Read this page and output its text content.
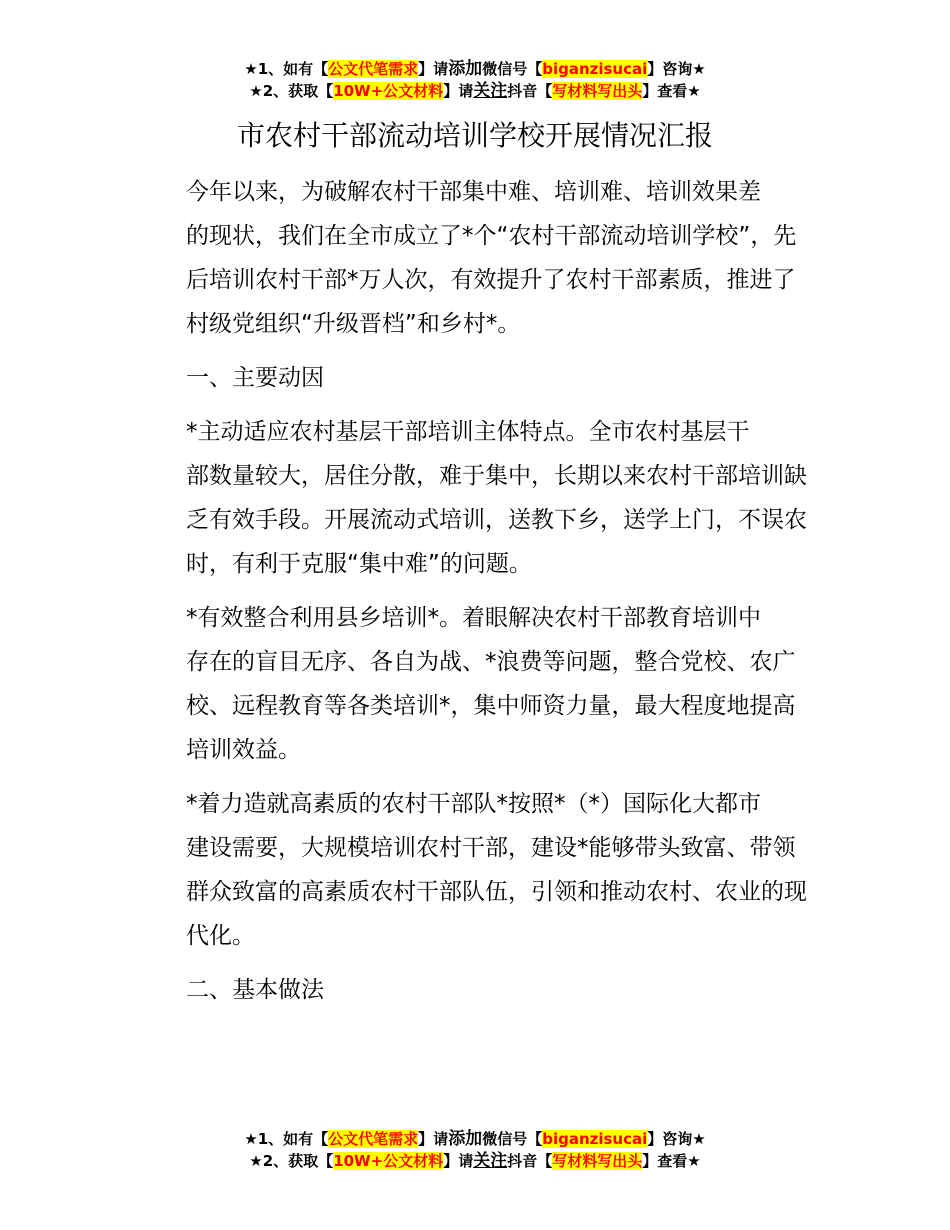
★1、如有【公文代笔需求】请添加微信号【biganzisucai】咨询★
★2、获取【10W+公文材料】请关注抖音【写材料写出头】查看★
市农村干部流动培训学校开展情况汇报

今年以来，为破解农村干部集中难、培训难、培训效果差
的现状，我们在全市成立了*个“农村干部流动培训学校”，先
后培训农村干部*万人次，有效提升了农村干部素质，推进了
村级党组织“升级晋档”和乡村*。

一、主要动因

*主动适应农村基层干部培训主体特点。全市农村基层干
部数量较大，居住分散，难于集中，长期以来农村干部培训缺
乏有效手段。开展流动式培训，送教下乡，送学上门，不误农
时，有利于克服“集中难”的问题。

*有效整合利用县乡培训*。着眼解决农村干部教育培训中
存在的盲目无序、各自为战、*浪费等问题，整合党校、农广
校、远程教育等各类培训*，集中师资力量，最大程度地提高
培训效益。

*着力造就高素质的农村干部队*按照*（*）国际化大都市
建设需要，大规模培训农村干部，建设*能够带头致富、带领
群众致富的高素质农村干部队伍，引领和推动农村、农业的现
代化。

二、基本做法

★1、如有【公文代笔需求】请添加微信号【biganzisucai】咨询★
★2、获取【10W+公文材料】请关注抖音【写材料写出头】查看★
